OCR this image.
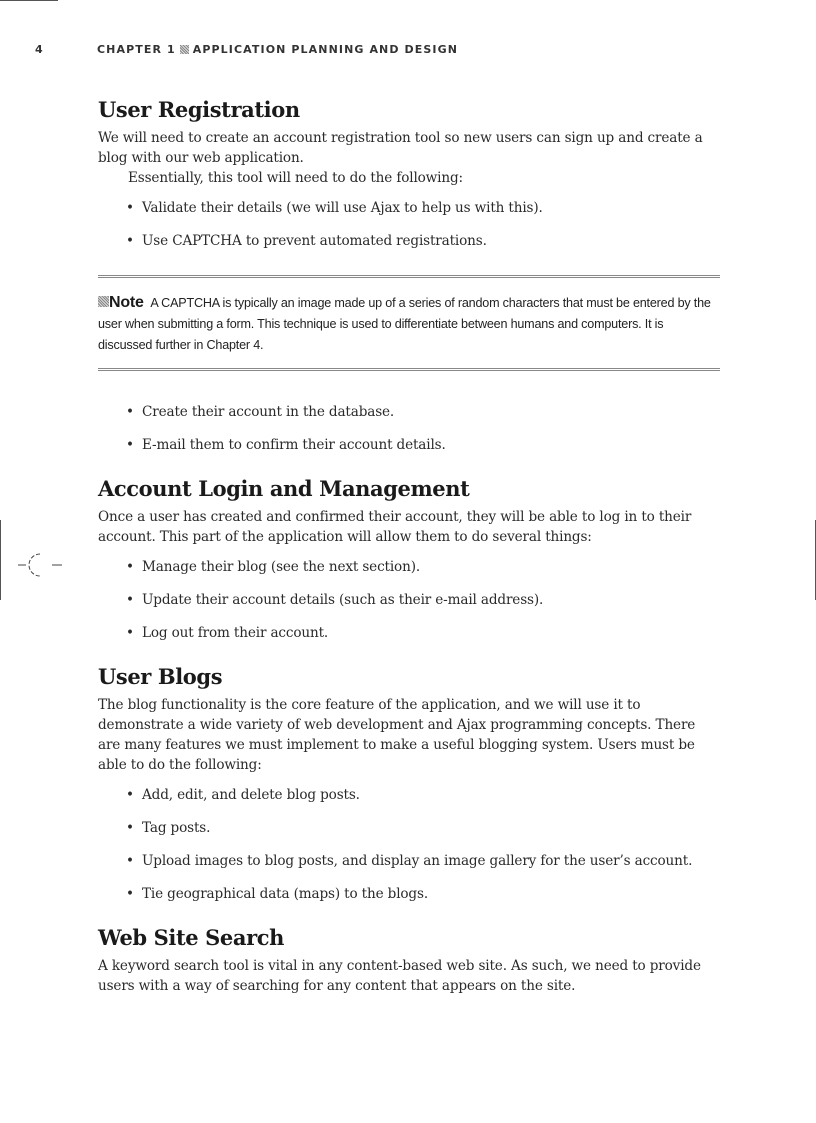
4	CHAPTER 1 APPLICATION PLANNING AND DESIGN
User Registration

We will need to create an account registration tool so new users can sign up and create a blog with our web application.

Essentially, this tool will need to do the following:

• Validate their details (we will use Ajax to help us with this).
• Use CAPTCHA to prevent automated registrations.
Note A CAPTCHA is typically an image made up of a series of random characters that must be entered by the user when submitting a form. This technique is used to differentiate between humans and computers. It is discussed further in Chapter 4.
• Create their account in the database.
• E-mail them to confirm their account details.
Account Login and Management

Once a user has created and confirmed their account, they will be able to log in to their account. This part of the application will allow them to do several things:

• Manage their blog (see the next section).
• Update their account details (such as their e-mail address).
• Log out from their account.
User Blogs

The blog functionality is the core feature of the application, and we will use it to demonstrate a wide variety of web development and Ajax programming concepts. There are many features we must implement to make a useful blogging system. Users must be able to do the following:

• Add, edit, and delete blog posts.
• Tag posts.
• Upload images to blog posts, and display an image gallery for the user’s account.
• Tie geographical data (maps) to the blogs.
Web Site Search

A keyword search tool is vital in any content-based web site. As such, we need to provide users with a way of searching for any content that appears on the site.
